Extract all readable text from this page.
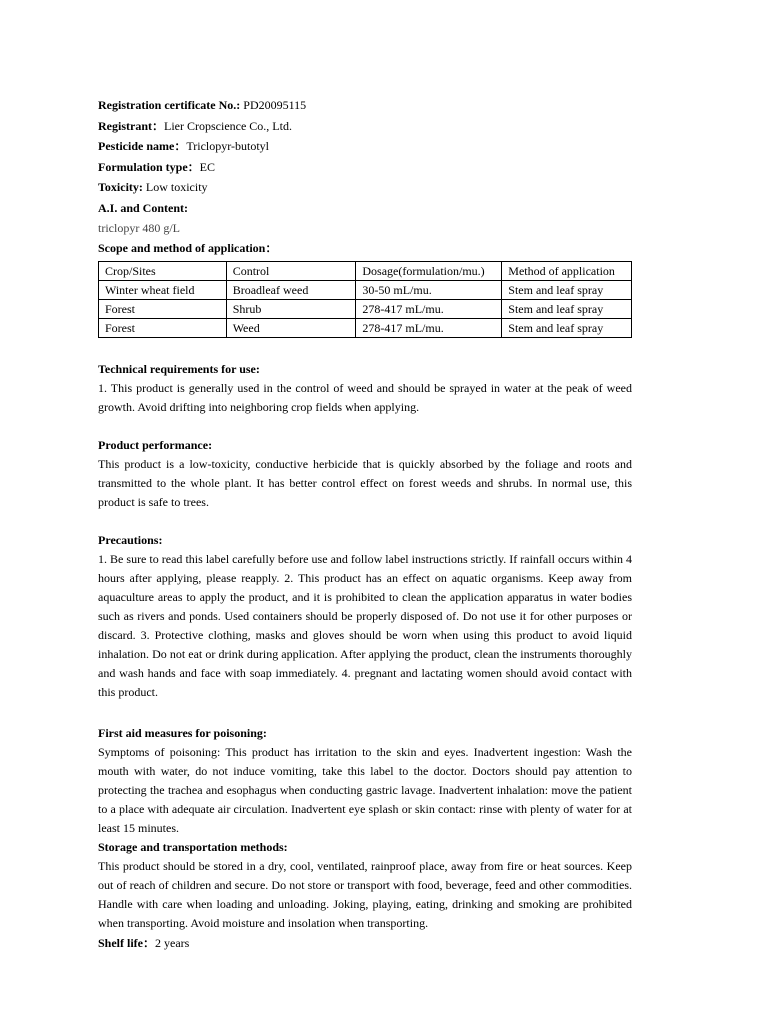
Registration certificate No.: PD20095115
Registrant：Lier Cropscience Co., Ltd.
Pesticide name：Triclopyr-butotyl
Formulation type：EC
Toxicity: Low toxicity
A.I. and Content:
triclopyr 480 g/L
Scope and method of application：
Crop/Sites	Control	Dosage(formulation/mu.)	Method of application
Winter wheat field	Broadleaf weed	30-50 mL/mu.	Stem and leaf spray
Forest	Shrub	278-417 mL/mu.	Stem and leaf spray
Forest	Weed	278-417 mL/mu.	Stem and leaf spray
Technical requirements for use:
1. This product is generally used in the control of weed and should be sprayed in water at the peak of weed growth. Avoid drifting into neighboring crop fields when applying.
Product performance:
This product is a low-toxicity, conductive herbicide that is quickly absorbed by the foliage and roots and transmitted to the whole plant. It has better control effect on forest weeds and shrubs. In normal use, this product is safe to trees.
Precautions:
1. Be sure to read this label carefully before use and follow label instructions strictly. If rainfall occurs within 4 hours after applying, please reapply. 2. This product has an effect on aquatic organisms. Keep away from aquaculture areas to apply the product, and it is prohibited to clean the application apparatus in water bodies such as rivers and ponds. Used containers should be properly disposed of. Do not use it for other purposes or discard. 3. Protective clothing, masks and gloves should be worn when using this product to avoid liquid inhalation. Do not eat or drink during application. After applying the product, clean the instruments thoroughly and wash hands and face with soap immediately. 4. pregnant and lactating women should avoid contact with this product.
First aid measures for poisoning:
Symptoms of poisoning: This product has irritation to the skin and eyes. Inadvertent ingestion: Wash the mouth with water, do not induce vomiting, take this label to the doctor. Doctors should pay attention to protecting the trachea and esophagus when conducting gastric lavage. Inadvertent inhalation: move the patient to a place with adequate air circulation. Inadvertent eye splash or skin contact: rinse with plenty of water for at least 15 minutes.
Storage and transportation methods:
This product should be stored in a dry, cool, ventilated, rainproof place, away from fire or heat sources. Keep out of reach of children and secure. Do not store or transport with food, beverage, feed and other commodities. Handle with care when loading and unloading. Joking, playing, eating, drinking and smoking are prohibited when transporting. Avoid moisture and insolation when transporting.
Shelf life：2 years
